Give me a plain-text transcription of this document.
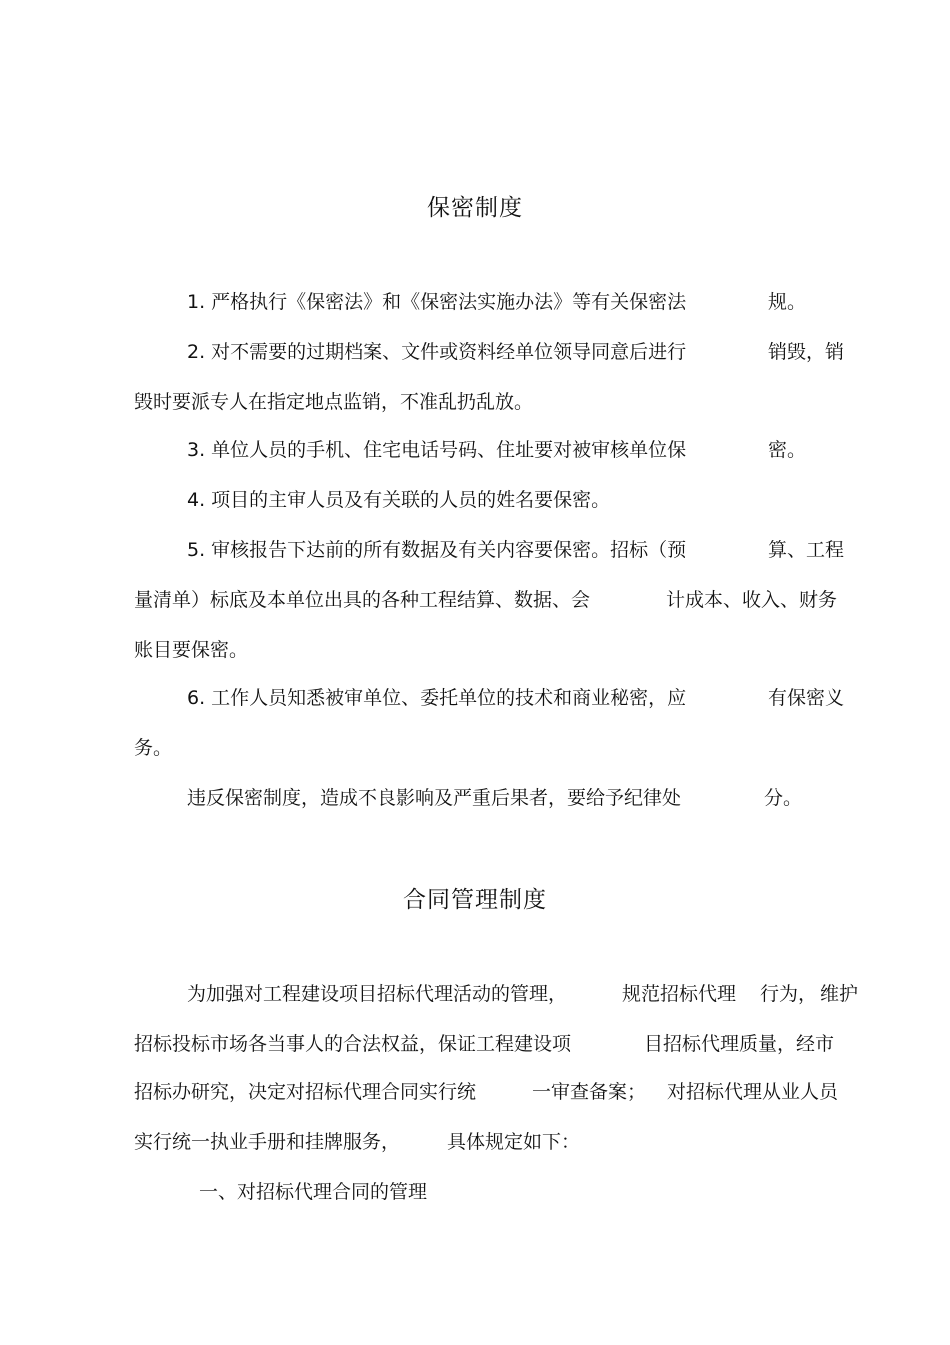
保密制度
1. 严格执行《保密法》和《保密法实施办法》等有关保密法	规。
2. 对不需要的过期档案、文件或资料经单位领导同意后进行	销毁，销
毁时要派专人在指定地点监销，不准乱扔乱放。
3. 单位人员的手机、住宅电话号码、住址要对被审核单位保	密。
4. 项目的主审人员及有关联的人员的姓名要保密。
5. 审核报告下达前的所有数据及有关内容要保密。招标（预	算、工程
量清单）标底及本单位出具的各种工程结算、数据、会	计成本、收入、财务
账目要保密。
6. 工作人员知悉被审单位、委托单位的技术和商业秘密，应	有保密义
务。
违反保密制度，造成不良影响及严重后果者，要给予纪律处	分。
合同管理制度
为加强对工程建设项目招标代理活动的管理，	规范招标代理 行为， 维护
招标投标市场各当事人的合法权益，保证工程建设项	目招标代理质量，经市
招标办研究，决定对招标代理合同实行统	一审查备案； 对招标代理从业人员
实行统一执业手册和挂牌服务， 具体规定如下：
一、对招标代理合同的管理
